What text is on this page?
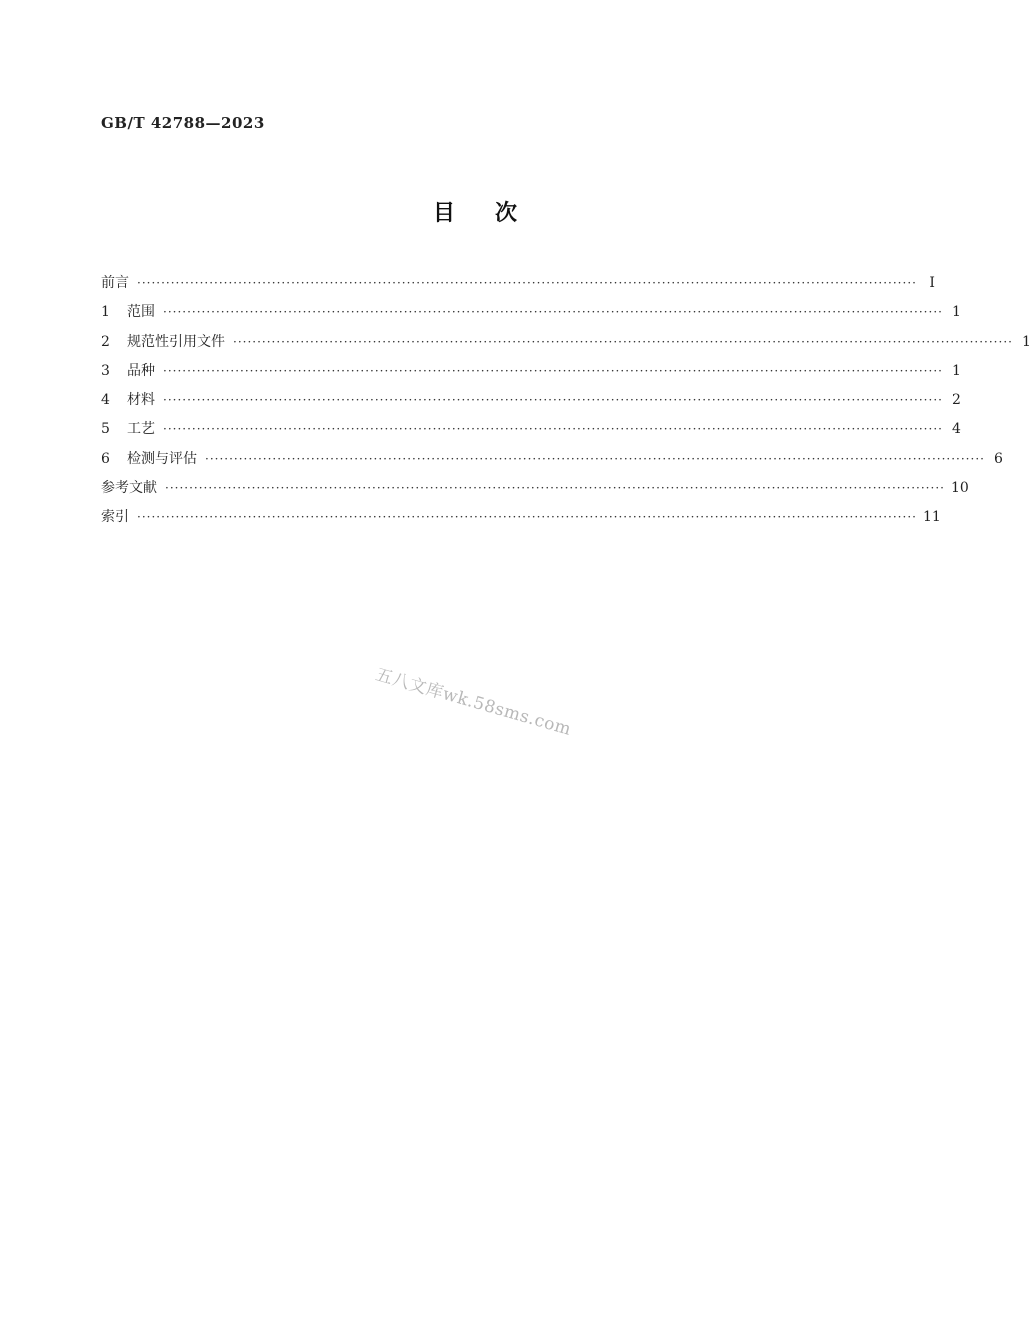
GB/T 42788—2023
目次
前言 ·································································································································································· I
1	范围 ·································································································································································· 1
2	规范性引用文件 ·································································································································································· 1
3	品种 ·································································································································································· 1
4	材料 ·································································································································································· 2
5	工艺 ·································································································································································· 4
6	检测与评估 ·································································································································································· 6
参考文献 ·································································································································································· 10
索引 ·································································································································································· 11
五八文库wk.58sms.com
